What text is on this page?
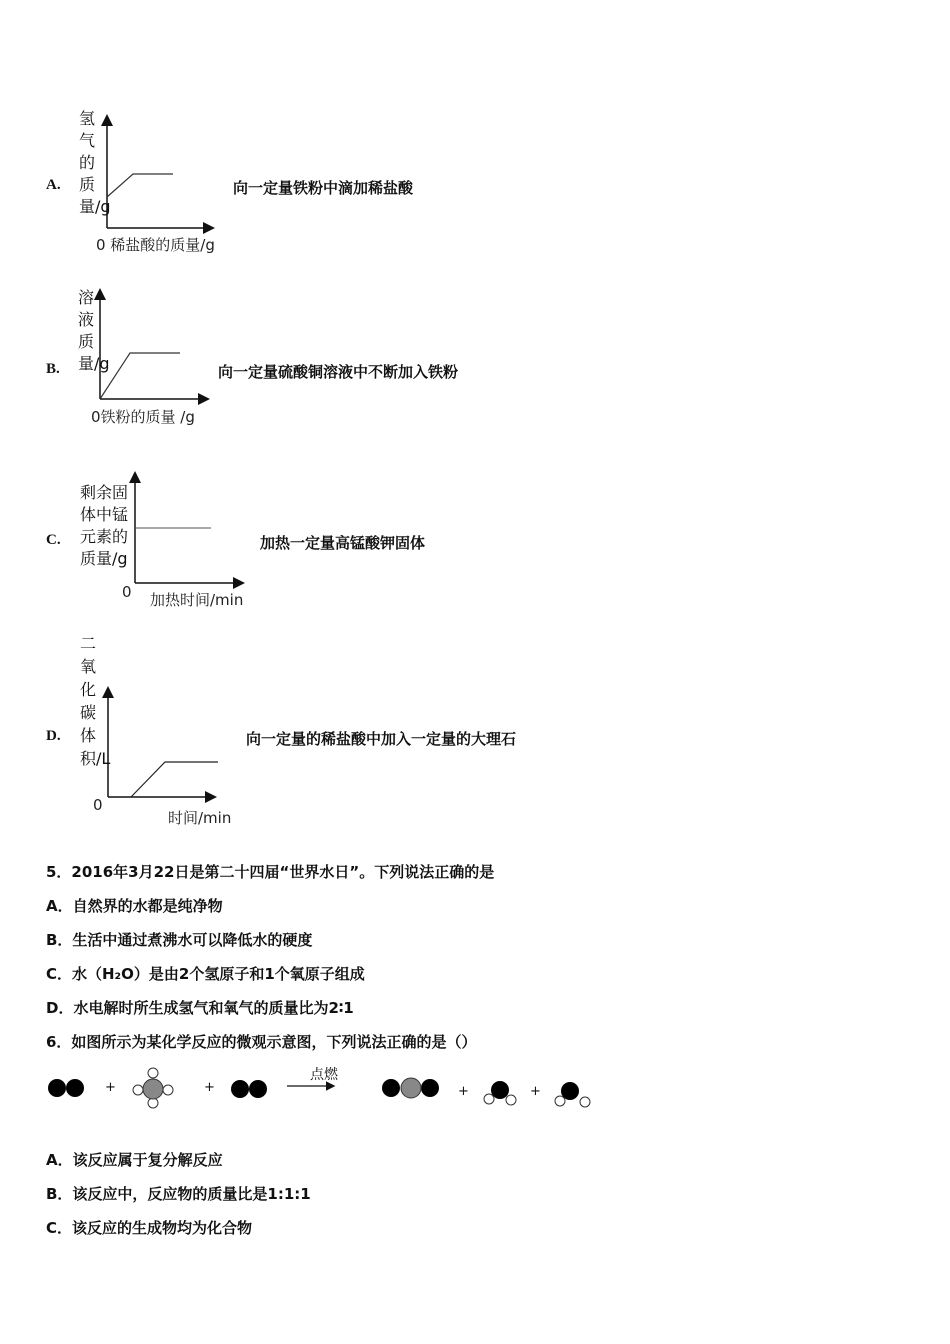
A.
氢气的质量/g
0 稀盐酸的质量/g
向一定量铁粉中滴加稀盐酸
B.
溶液质量/g
0铁粉的质量 /g
向一定量硫酸铜溶液中不断加入铁粉
C.
剩余固体中锰元素的质量/g
0 加热时间/min
加热一定量高锰酸钾固体
D.
二氧化碳体积/L
0
时间/min
向一定量的稀盐酸中加入一定量的大理石
5．2016年3月22日是第二十四届“世界水日”。下列说法正确的是
A．自然界的水都是纯净物
B．生活中通过煮沸水可以降低水的硬度
C．水（H₂O）是由2个氢原子和1个氧原子组成
D．水电解时所生成氢气和氧气的质量比为2∶1
6．如图所示为某化学反应的微观示意图，下列说法正确的是（）
+	+
点燃
+	+
A．该反应属于复分解反应
B．该反应中，反应物的质量比是1:1:1
C．该反应的生成物均为化合物
